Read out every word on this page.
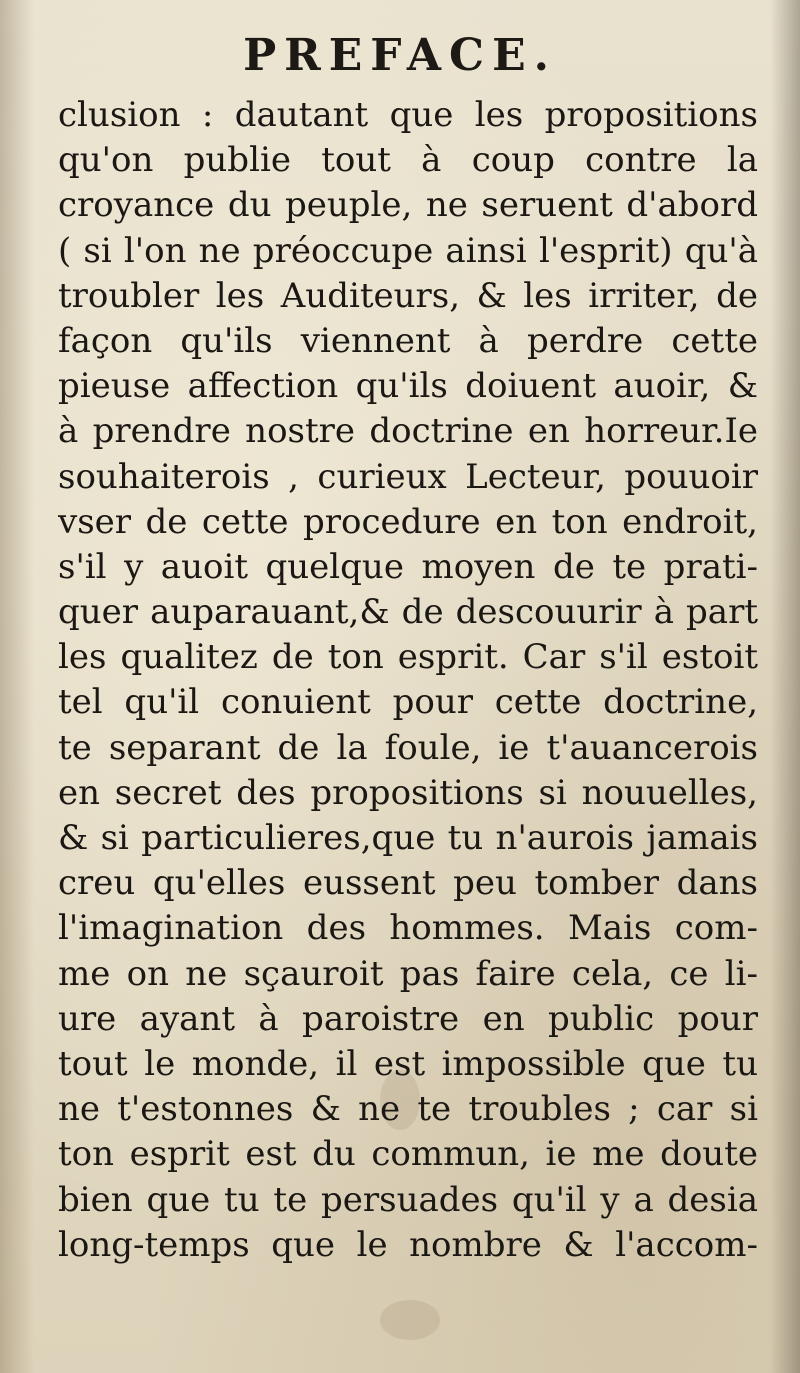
PREFACE.
clusion : dautant que les propositions
qu'on publie tout à coup contre la
croyance du peuple, ne seruent d'abord
( si l'on ne préoccupe ainsi l'esprit) qu'à
troubler les Auditeurs, & les irriter, de
façon qu'ils viennent à perdre cette
pieuse affection qu'ils doiuent auoir, &
à prendre nostre doctrine en horreur.Ie
souhaiterois , curieux Lecteur, pouuoir
vser de cette procedure en ton endroit,
s'il y auoit quelque moyen de te prati-
quer auparauant,& de descouurir à part
les qualitez de ton esprit. Car s'il estoit
tel qu'il conuient pour cette doctrine,
te separant de la foule, ie t'auancerois
en secret des propositions si nouuelles,
& si particulieres,que tu n'aurois jamais
creu qu'elles eussent peu tomber dans
l'imagination des hommes. Mais com-
me on ne sçauroit pas faire cela, ce li-
ure ayant à paroistre en public pour
tout le monde, il est impossible que tu
ne t'estonnes & ne te troubles ; car si
ton esprit est du commun, ie me doute
bien que tu te persuades qu'il y a desia
long-temps que le nombre & l'accom-
